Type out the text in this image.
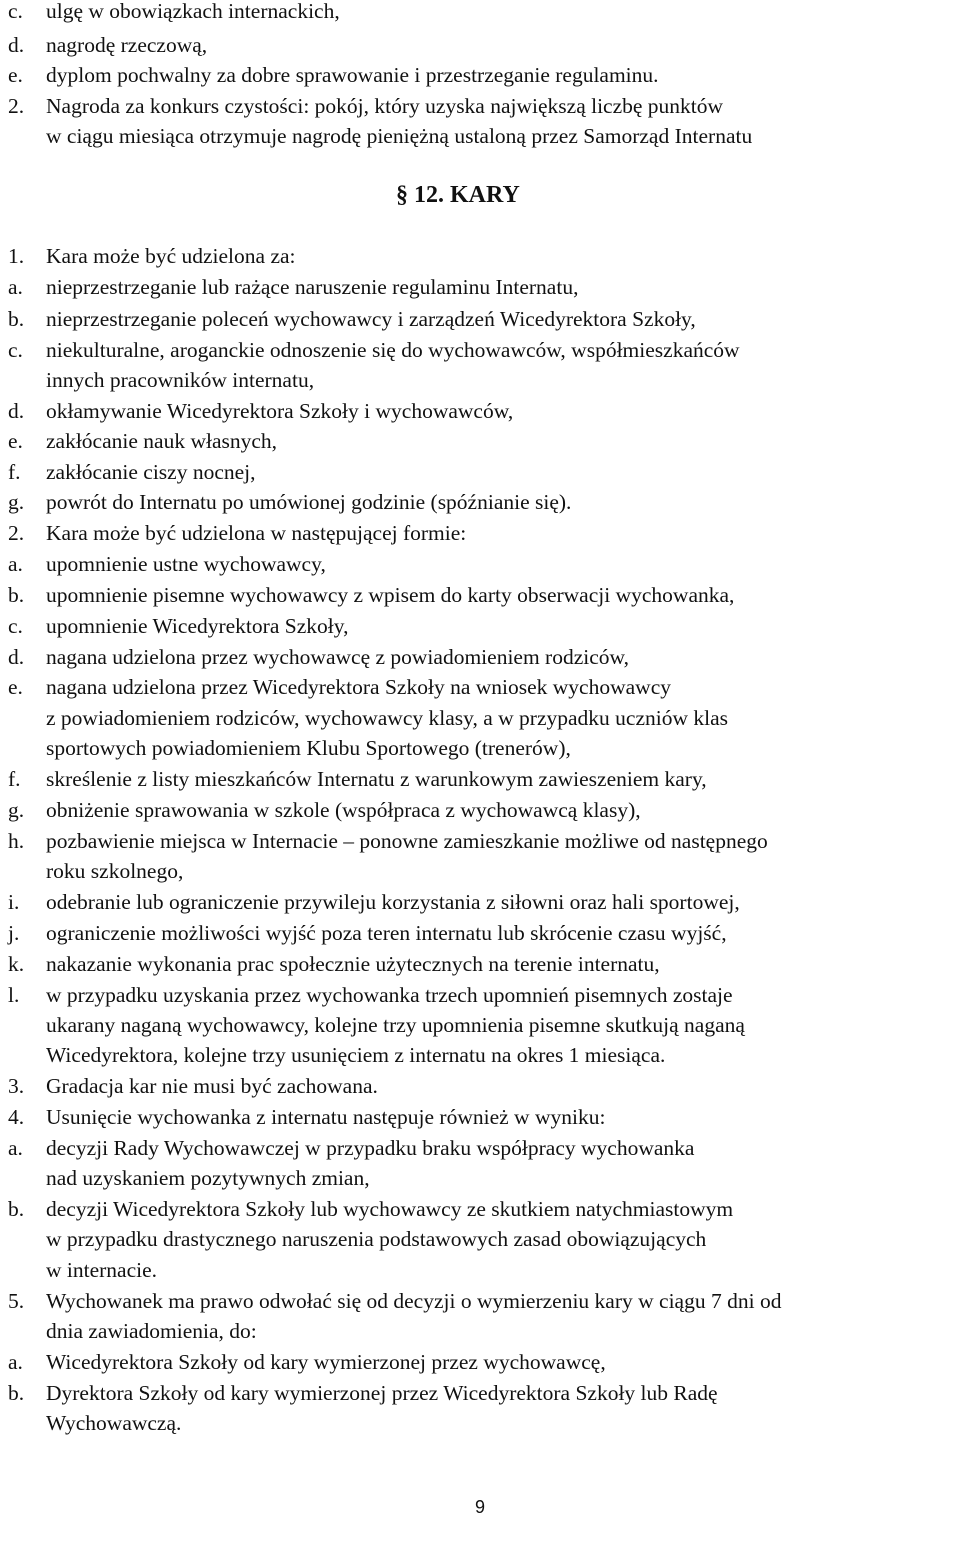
c.	ulgę w obowiązkach internackich,
d.	nagrodę rzeczową,
e.	dyplom pochwalny za dobre sprawowanie i przestrzeganie regulaminu.
2.	Nagroda za konkurs czystości: pokój, który uzyska największą liczbę punktów
w ciągu miesiąca otrzymuje nagrodę pieniężną ustaloną przez Samorząd Internatu
1.	Kara może być udzielona za:
a.	nieprzestrzeganie lub rażące naruszenie regulaminu Internatu,
b.	nieprzestrzeganie poleceń wychowawcy i zarządzeń Wicedyrektora Szkoły,
c.	niekulturalne, aroganckie odnoszenie się do wychowawców, współmieszkańców
innych pracowników internatu,
d.	okłamywanie Wicedyrektora Szkoły i wychowawców,
e.	zakłócanie nauk własnych,
f.	zakłócanie ciszy nocnej,
g.	powrót do Internatu po umówionej godzinie (spóźnianie się).
2.	Kara może być udzielona w następującej formie:
a.	upomnienie ustne wychowawcy,
b.	upomnienie pisemne wychowawcy z wpisem do karty obserwacji wychowanka,
c.	upomnienie Wicedyrektora Szkoły,
d.	nagana udzielona przez wychowawcę z powiadomieniem rodziców,
e.	nagana udzielona przez Wicedyrektora Szkoły na wniosek wychowawcy
z powiadomieniem rodziców, wychowawcy klasy, a w przypadku uczniów klas
sportowych powiadomieniem Klubu Sportowego (trenerów),
f.	skreślenie z listy mieszkańców Internatu z warunkowym zawieszeniem kary,
g.	obniżenie sprawowania w szkole (współpraca z wychowawcą klasy),
h.	pozbawienie miejsca w Internacie – ponowne zamieszkanie możliwe od następnego
roku szkolnego,
i.	odebranie lub ograniczenie przywileju korzystania z siłowni oraz hali sportowej,
j.	ograniczenie możliwości wyjść poza teren internatu lub skrócenie czasu wyjść,
k.	nakazanie wykonania prac społecznie użytecznych na terenie internatu,
l.	w przypadku uzyskania przez wychowanka trzech upomnień pisemnych zostaje
ukarany naganą wychowawcy, kolejne trzy upomnienia pisemne skutkują naganą
Wicedyrektora, kolejne trzy usunięciem z internatu na okres 1 miesiąca.
3.	Gradacja kar nie musi być zachowana.
4.	Usunięcie wychowanka z internatu następuje również w wyniku:
a.	decyzji Rady Wychowawczej w przypadku braku współpracy wychowanka
nad uzyskaniem pozytywnych zmian,
b.	decyzji Wicedyrektora Szkoły lub wychowawcy ze skutkiem natychmiastowym
w przypadku drastycznego naruszenia podstawowych zasad obowiązujących
w internacie.
5.	Wychowanek ma prawo odwołać się od decyzji o wymierzeniu kary w ciągu 7 dni od
dnia zawiadomienia, do:
a.	Wicedyrektora Szkoły od kary wymierzonej przez wychowawcę,
b.	Dyrektora Szkoły od kary wymierzonej przez Wicedyrektora Szkoły lub Radę
Wychowawczą.
§ 12. KARY
9
